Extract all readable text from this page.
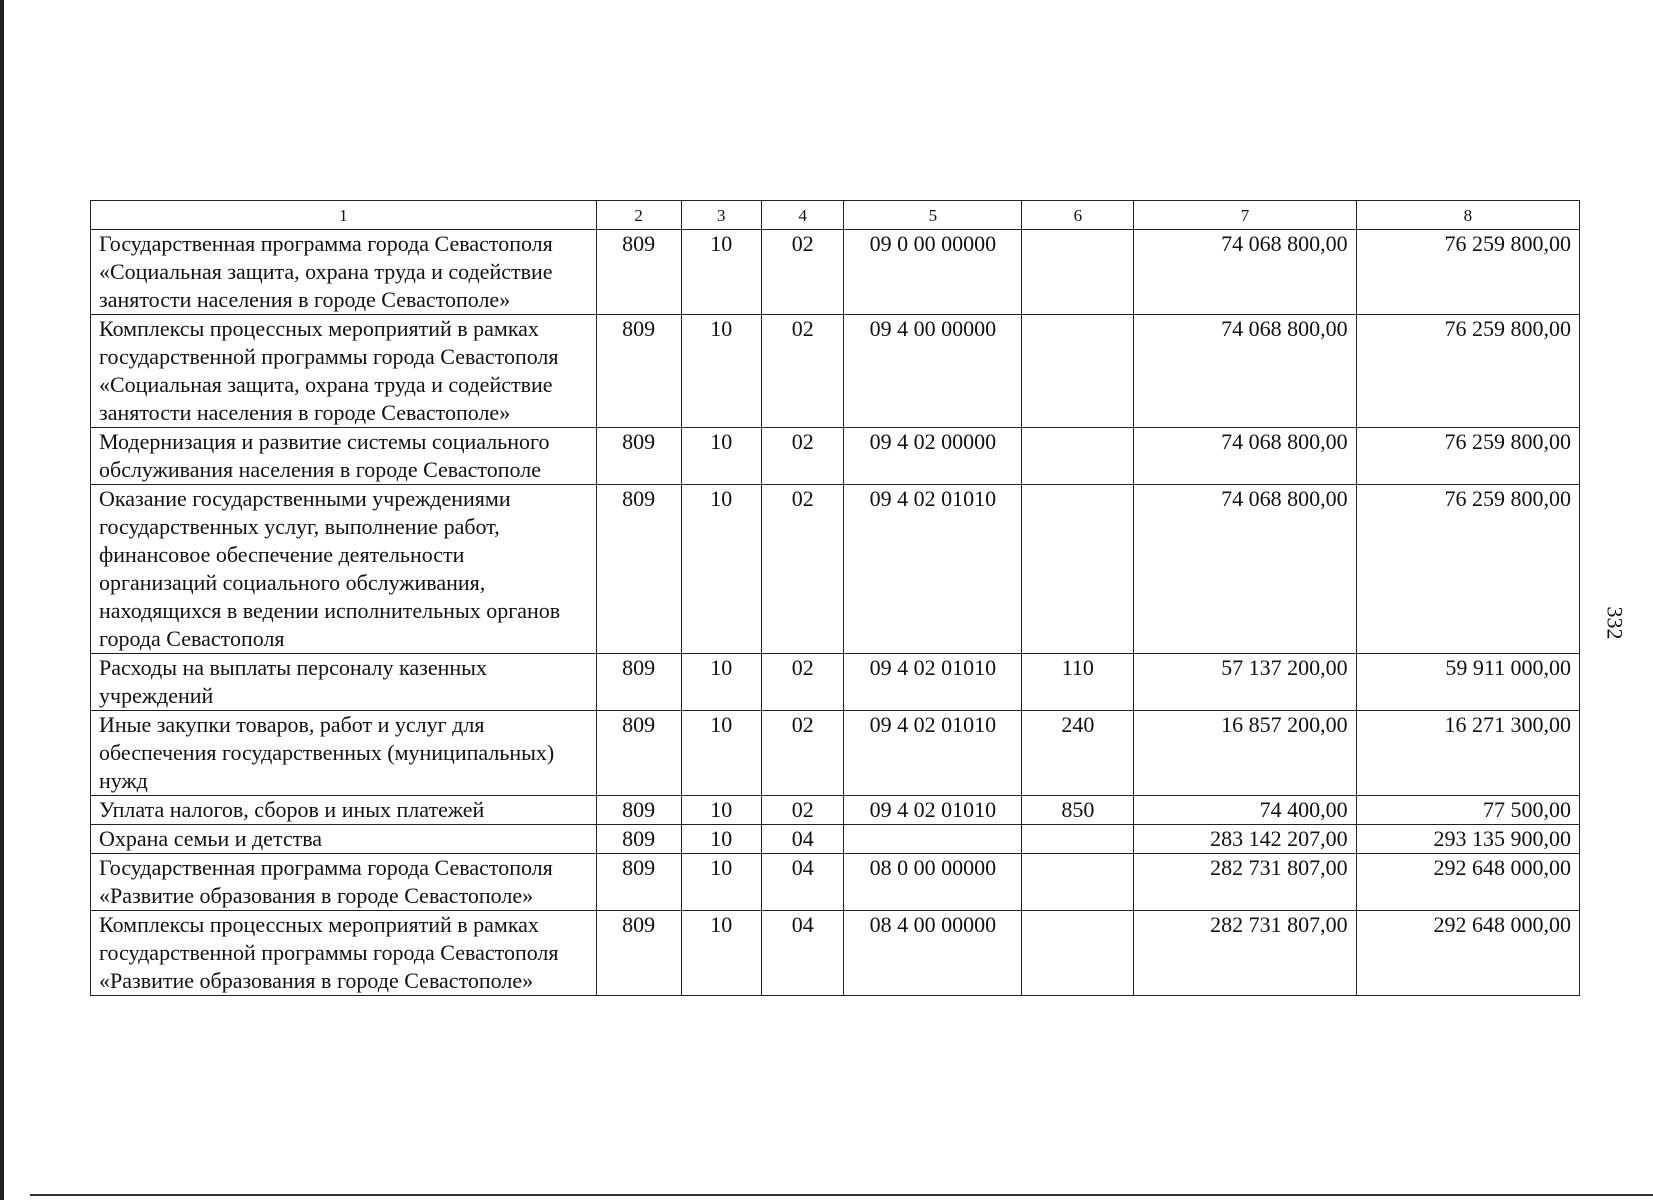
332
1	2	3	4	5	6	7	8
Государственная программа города Севастополя «Социальная защита, охрана труда и содействие занятости населения в городе Севастополе»	809	10	02	09 0 00 00000		74 068 800,00	76 259 800,00
Комплексы процессных мероприятий в рамках государственной программы города Севастополя «Социальная защита, охрана труда и содействие занятости населения в городе Севастополе»	809	10	02	09 4 00 00000		74 068 800,00	76 259 800,00
Модернизация и развитие системы социального обслуживания населения в городе Севастополе	809	10	02	09 4 02 00000		74 068 800,00	76 259 800,00
Оказание государственными учреждениями государственных услуг, выполнение работ, финансовое обеспечение деятельности организаций социального обслуживания, находящихся в ведении исполнительных органов города Севастополя	809	10	02	09 4 02 01010		74 068 800,00	76 259 800,00
Расходы на выплаты персоналу казенных учреждений	809	10	02	09 4 02 01010	110	57 137 200,00	59 911 000,00
Иные закупки товаров, работ и услуг для обеспечения государственных (муниципальных) нужд	809	10	02	09 4 02 01010	240	16 857 200,00	16 271 300,00
Уплата налогов, сборов и иных платежей	809	10	02	09 4 02 01010	850	74 400,00	77 500,00
Охрана семьи и детства	809	10	04			283 142 207,00	293 135 900,00
Государственная программа города Севастополя «Развитие образования в городе Севастополе»	809	10	04	08 0 00 00000		282 731 807,00	292 648 000,00
Комплексы процессных мероприятий в рамках государственной программы города Севастополя «Развитие образования в городе Севастополе»	809	10	04	08 4 00 00000		282 731 807,00	292 648 000,00
